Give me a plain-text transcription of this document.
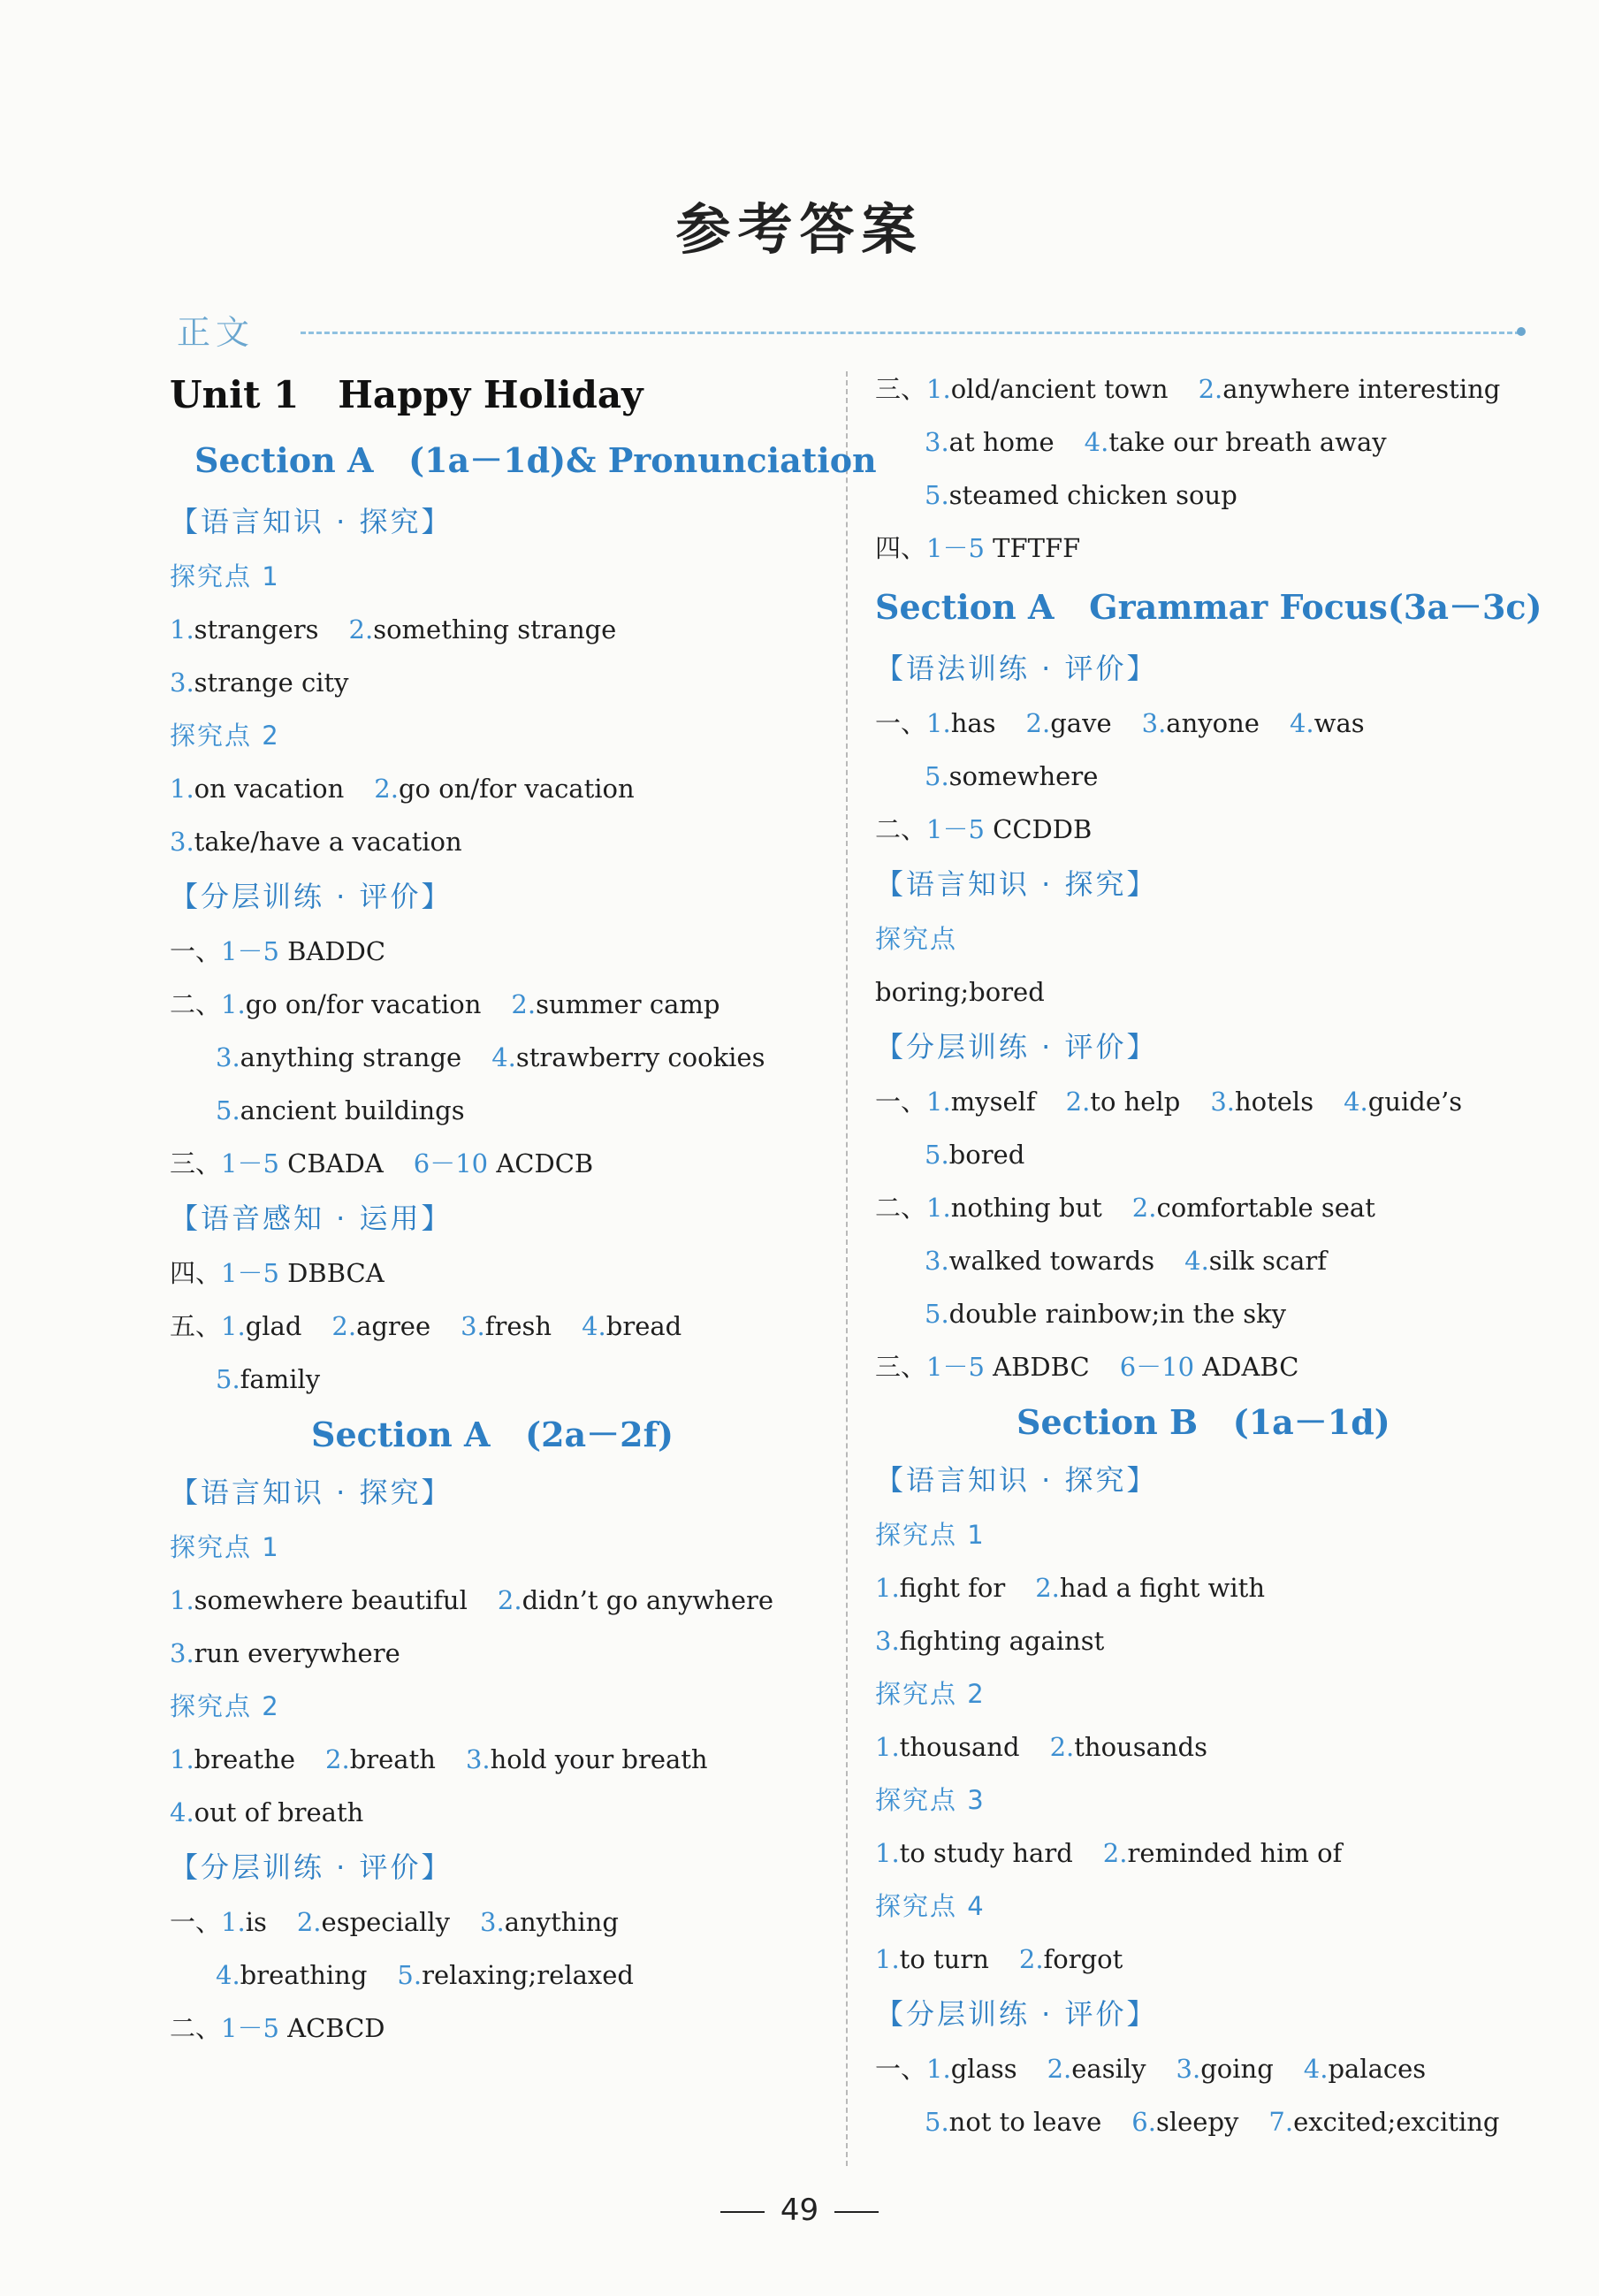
参考答案
正文
Unit 1   Happy Holiday
Section A   (1a－1d)& Pronunciation
【语言知识 · 探究】
探究点 1
1.strangers 2.something strange
3.strange city
探究点 2
1.on vacation 2.go on/for vacation
3.take/have a vacation
【分层训练 · 评价】
一、1－5 BADDC
二、1.go on/for vacation 2.summer camp
3.anything strange 4.strawberry cookies
5.ancient buildings
三、1－5 CBADA 6－10 ACDCB
【语音感知 · 运用】
四、1－5 DBBCA
五、1.glad 2.agree 3.fresh 4.bread
5.family
Section A   (2a－2f)
【语言知识 · 探究】
探究点 1
1.somewhere beautiful 2.didn’t go anywhere
3.run everywhere
探究点 2
1.breathe 2.breath 3.hold your breath
4.out of breath
【分层训练 · 评价】
一、1.is 2.especially 3.anything
4.breathing 5.relaxing;relaxed
二、1－5 ACBCD
三、1.old/ancient town 2.anywhere interesting
3.at home 4.take our breath away
5.steamed chicken soup
四、1－5 TFTFF
Section A   Grammar Focus(3a－3c)
【语法训练 · 评价】
一、1.has 2.gave 3.anyone 4.was
5.somewhere
二、1－5 CCDDB
【语言知识 · 探究】
探究点
boring;bored
【分层训练 · 评价】
一、1.myself 2.to help 3.hotels 4.guide’s
5.bored
二、1.nothing but 2.comfortable seat
3.walked towards 4.silk scarf
5.double rainbow;in the sky
三、1－5 ABDBC 6－10 ADABC
Section B   (1a－1d)
【语言知识 · 探究】
探究点 1
1.fight for 2.had a fight with
3.fighting against
探究点 2
1.thousand 2.thousands
探究点 3
1.to study hard 2.reminded him of
探究点 4
1.to turn 2.forgot
【分层训练 · 评价】
一、1.glass 2.easily 3.going 4.palaces
5.not to leave 6.sleepy 7.excited;exciting
49
